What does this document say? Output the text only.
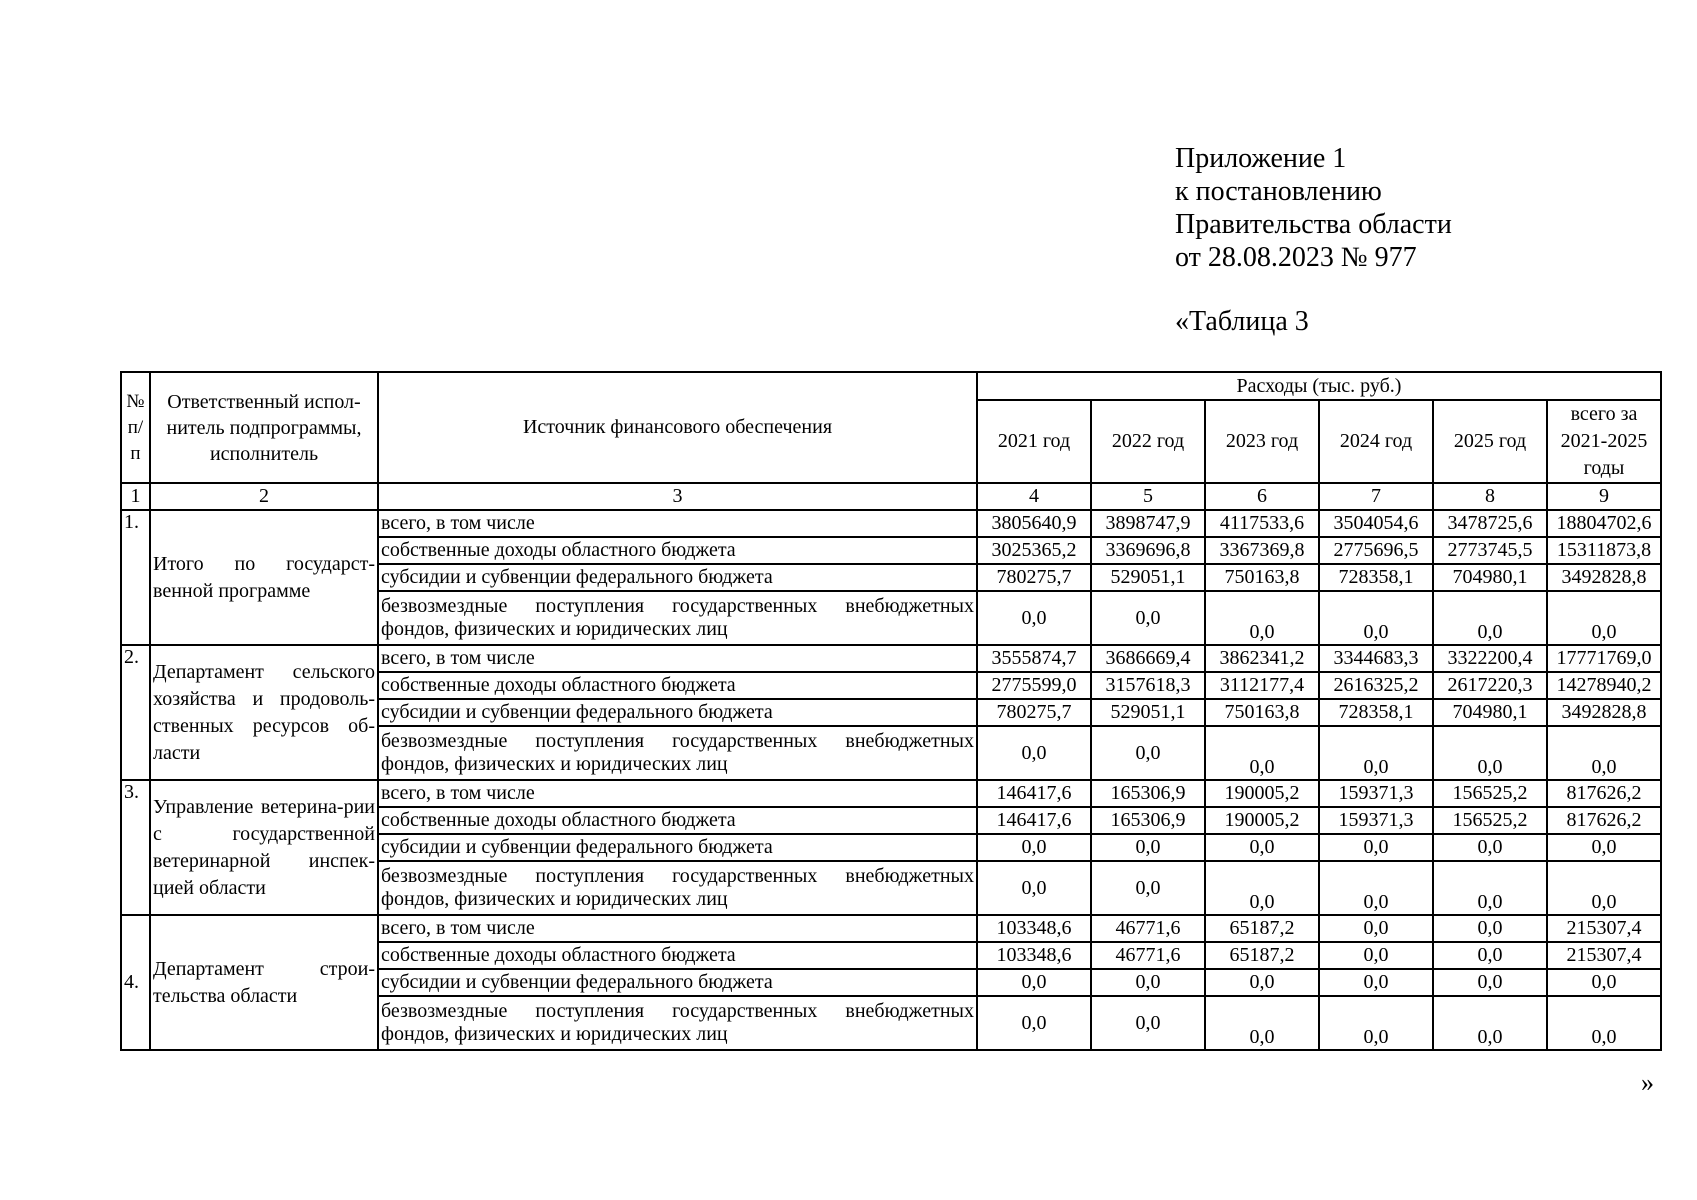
Приложение 1
к постановлению
Правительства области
от 28.08.2023 № 977
«Таблица 3
№ п/п	Ответственный испол-нитель подпрограммы, исполнитель	Источник финансового обеспечения	Расходы (тыс. руб.)					
			2021 год	2022 год	2023 год	2024 год	2025 год	всего за 2021-2025 годы
1	2	3	4	5	6	7	8	9
1.	Итого по государст-венной программе	всего, в том числе	3805640,9	3898747,9	4117533,6	3504054,6	3478725,6	18804702,6
		собственные доходы областного бюджета	3025365,2	3369696,8	3367369,8	2775696,5	2773745,5	15311873,8
		субсидии и субвенции федерального бюджета	780275,7	529051,1	750163,8	728358,1	704980,1	3492828,8
		безвозмездные поступления государственных внебюджетных фондов, физических и юридических лиц	0,0	0,0	0,0	0,0	0,0	0,0
2.	Департамент сельского хозяйства и продоволь-ственных ресурсов об-ласти	всего, в том числе	3555874,7	3686669,4	3862341,2	3344683,3	3322200,4	17771769,0
		собственные доходы областного бюджета	2775599,0	3157618,3	3112177,4	2616325,2	2617220,3	14278940,2
		субсидии и субвенции федерального бюджета	780275,7	529051,1	750163,8	728358,1	704980,1	3492828,8
		безвозмездные поступления государственных внебюджетных фондов, физических и юридических лиц	0,0	0,0	0,0	0,0	0,0	0,0
3.	Управление ветерина-рии с государственной ветеринарной инспек-цией области	всего, в том числе	146417,6	165306,9	190005,2	159371,3	156525,2	817626,2
		собственные доходы областного бюджета	146417,6	165306,9	190005,2	159371,3	156525,2	817626,2
		субсидии и субвенции федерального бюджета	0,0	0,0	0,0	0,0	0,0	0,0
		безвозмездные поступления государственных внебюджетных фондов, физических и юридических лиц	0,0	0,0	0,0	0,0	0,0	0,0
4.	Департамент строи-тельства области	всего, в том числе	103348,6	46771,6	65187,2	0,0	0,0	215307,4
		собственные доходы областного бюджета	103348,6	46771,6	65187,2	0,0	0,0	215307,4
		субсидии и субвенции федерального бюджета	0,0	0,0	0,0	0,0	0,0	0,0
		безвозмездные поступления государственных внебюджетных фондов, физических и юридических лиц	0,0	0,0	0,0	0,0	0,0	0,0
»
